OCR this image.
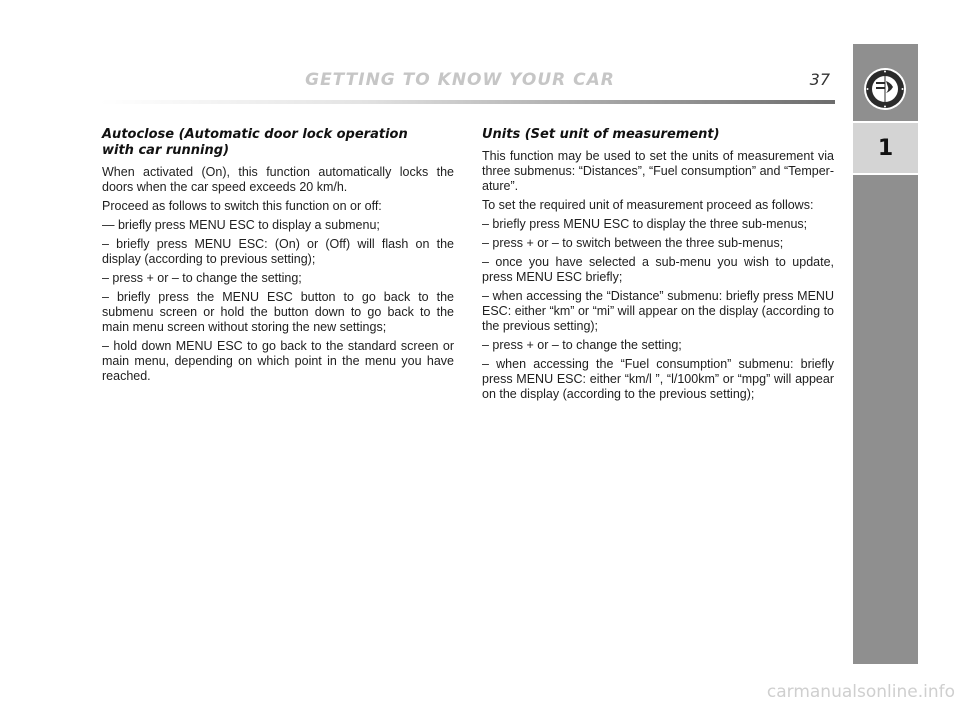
GETTING TO KNOW YOUR CAR	37
1
Autoclose (Automatic door lock operation
with car running)

When activated (On), this function automatically locks the doors when the car speed exceeds 20 km/h.

Proceed as follows to switch this function on or off:

— briefly press MENU ESC to display a submenu;

– briefly press MENU ESC: (On) or (Off) will flash on the display (according to previous setting);

– press + or – to change the setting;

– briefly press the MENU ESC button to go back to the submenu screen or hold the button down to go back to the main menu screen without storing the new settings;

– hold down MENU ESC to go back to the standard screen or main menu, depending on which point in the menu you have reached.

Units (Set unit of measurement)

This function may be used to set the units of measurement via three submenus: “Distances”, “Fuel consumption” and “Temper- ature”.

To set the required unit of measurement proceed as follows:

– briefly press MENU ESC to display the three sub-menus;

– press + or – to switch between the three sub-menus;

– once you have selected a sub-menu you wish to update, press MENU ESC briefly;

– when accessing the “Distance” submenu: briefly press MENU ESC: either “km” or “mi” will appear on the display (according to the previous setting);

– press + or – to change the setting;

– when accessing the “Fuel consumption” submenu: briefly press MENU ESC: either “km/l ”, “l/100km” or “mpg” will appear on the display (according to the previous setting);

carmanualsonline.info
